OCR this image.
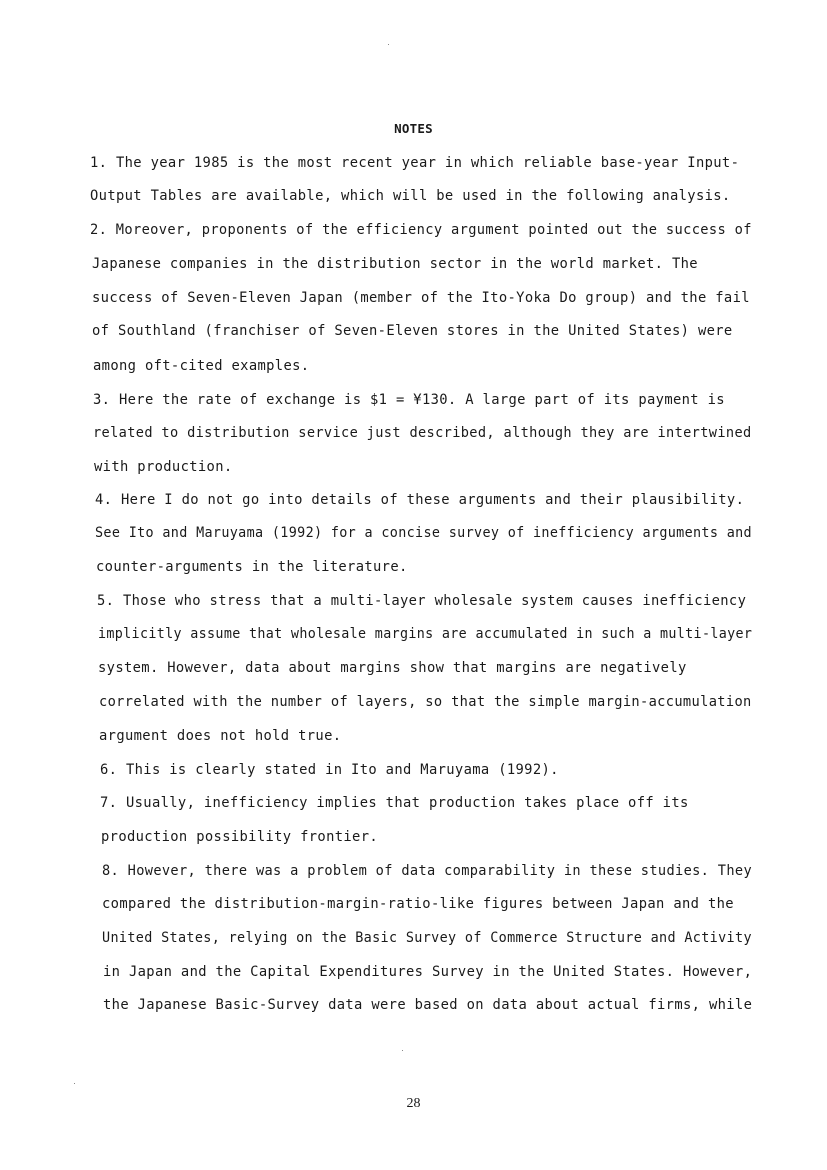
NOTES
1. The year 1985 is the most recent year in which reliable base-year Input-
Output Tables are available, which will be used in the following analysis.
2. Moreover, proponents of the efficiency argument pointed out the success of
Japanese companies in the distribution sector in the world market. The
success of Seven-Eleven Japan (member of the Ito-Yoka Do group) and the fail
of Southland (franchiser of Seven-Eleven stores in the United States) were
among oft-cited examples.
3. Here the rate of exchange is $1 = ¥130. A large part of its payment is
related to distribution service just described, although they are intertwined
with production.
4. Here I do not go into details of these arguments and their plausibility.
See Ito and Maruyama (1992) for a concise survey of inefficiency arguments and
counter-arguments in the literature.
5. Those who stress that a multi-layer wholesale system causes inefficiency
implicitly assume that wholesale margins are accumulated in such a multi-layer
system. However, data about margins show that margins are negatively
correlated with the number of layers, so that the simple margin-accumulation
argument does not hold true.
6. This is clearly stated in Ito and Maruyama (1992).
7. Usually, inefficiency implies that production takes place off its
production possibility frontier.
8. However, there was a problem of data comparability in these studies. They
compared the distribution-margin-ratio-like figures between Japan and the
United States, relying on the Basic Survey of Commerce Structure and Activity
in Japan and the Capital Expenditures Survey in the United States. However,
the Japanese Basic-Survey data were based on data about actual firms, while
28
